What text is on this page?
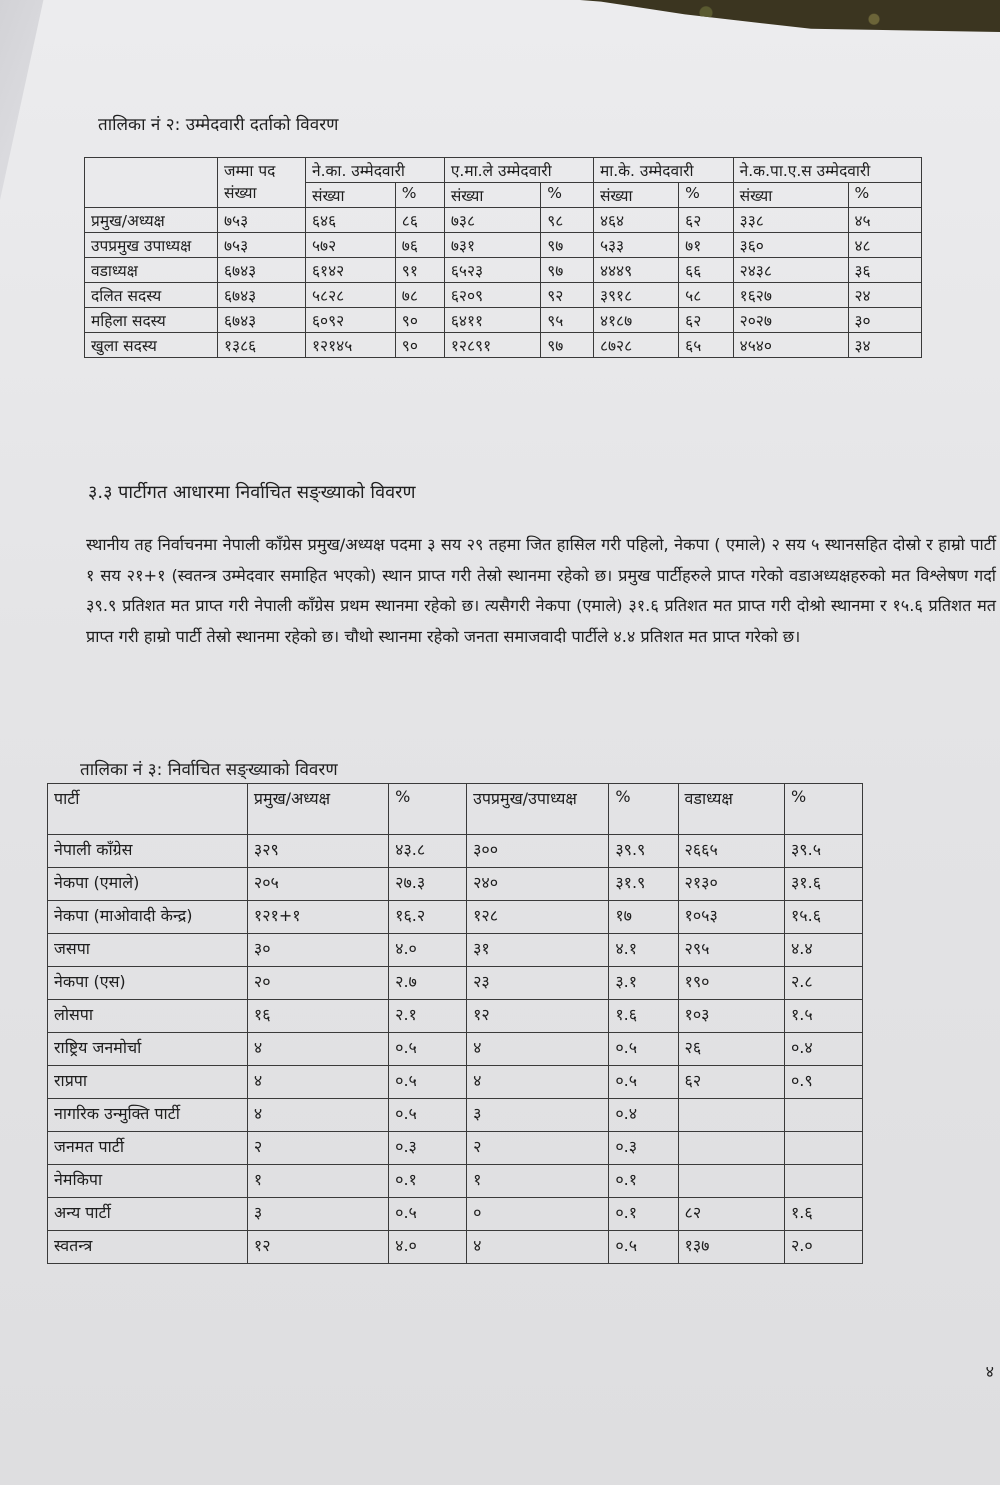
तालिका नं २: उम्मेदवारी दर्ताको विवरण
	जम्मा पद संख्या	ने.का. उम्मेदवारी		ए.मा.ले उम्मेदवारी		मा.के. उम्मेदवारी		ने.क.पा.ए.स उम्मेदवारी	
		संख्या	%	संख्या	%	संख्या	%	संख्या	%
प्रमुख/अध्यक्ष	७५३	६४६	८६	७३८	९८	४६४	६२	३३८	४५
उपप्रमुख उपाध्यक्ष	७५३	५७२	७६	७३१	९७	५३३	७१	३६०	४८
वडाध्यक्ष	६७४३	६१४२	९१	६५२३	९७	४४४९	६६	२४३८	३६
दलित सदस्य	६७४३	५८२८	७८	६२०९	९२	३९१८	५८	१६२७	२४
महिला सदस्य	६७४३	६०९२	९०	६४११	९५	४१८७	६२	२०२७	३०
खुला सदस्य	१३८६	१२१४५	९०	१२८९१	९७	८७२८	६५	४५४०	३४
३.३ पार्टीगत आधारमा निर्वाचित सङ्ख्याको विवरण
स्थानीय तह निर्वाचनमा नेपाली काँग्रेस प्रमुख/अध्यक्ष पदमा ३ सय २९ तहमा जित हासिल गरी पहिलो, नेकपा ( एमाले) २ सय ५ स्थानसहित दोस्रो र हाम्रो पार्टी १ सय २१+१ (स्वतन्त्र उम्मेदवार समाहित भएको) स्थान प्राप्त गरी तेस्रो स्थानमा रहेको छ। प्रमुख पार्टीहरुले प्राप्त गरेको वडाअध्यक्षहरुको मत विश्लेषण गर्दा ३९.९ प्रतिशत मत प्राप्त गरी नेपाली काँग्रेस प्रथम स्थानमा रहेको छ। त्यसैगरी नेकपा (एमाले) ३१.६ प्रतिशत मत प्राप्त गरी दोश्रो स्थानमा र १५.६ प्रतिशत मत प्राप्त गरी हाम्रो पार्टी तेस्रो स्थानमा रहेको छ। चौथो स्थानमा रहेको जनता समाजवादी पार्टीले ४.४ प्रतिशत मत प्राप्त गरेको छ।
तालिका नं ३: निर्वाचित सङ्ख्याको विवरण
पार्टी	प्रमुख/अध्यक्ष	%	उपप्रमुख/उपाध्यक्ष	%	वडाध्यक्ष	%
नेपाली काँग्रेस	३२९	४३.८	३००	३९.९	२६६५	३९.५
नेकपा (एमाले)	२०५	२७.३	२४०	३१.९	२१३०	३१.६
नेकपा (माओवादी केन्द्र)	१२१+१	१६.२	१२८	१७	१०५३	१५.६
जसपा	३०	४.०	३१	४.१	२९५	४.४
नेकपा (एस)	२०	२.७	२३	३.१	१९०	२.८
लोसपा	१६	२.१	१२	१.६	१०३	१.५
राष्ट्रिय जनमोर्चा	४	०.५	४	०.५	२६	०.४
राप्रपा	४	०.५	४	०.५	६२	०.९
नागरिक उन्मुक्ति पार्टी	४	०.५	३	०.४		
जनमत पार्टी	२	०.३	२	०.३		
नेमकिपा	१	०.१	१	०.१		
अन्य पार्टी	३	०.५	०	०.१	८२	१.६
स्वतन्त्र	१२	४.०	४	०.५	१३७	२.०
४
